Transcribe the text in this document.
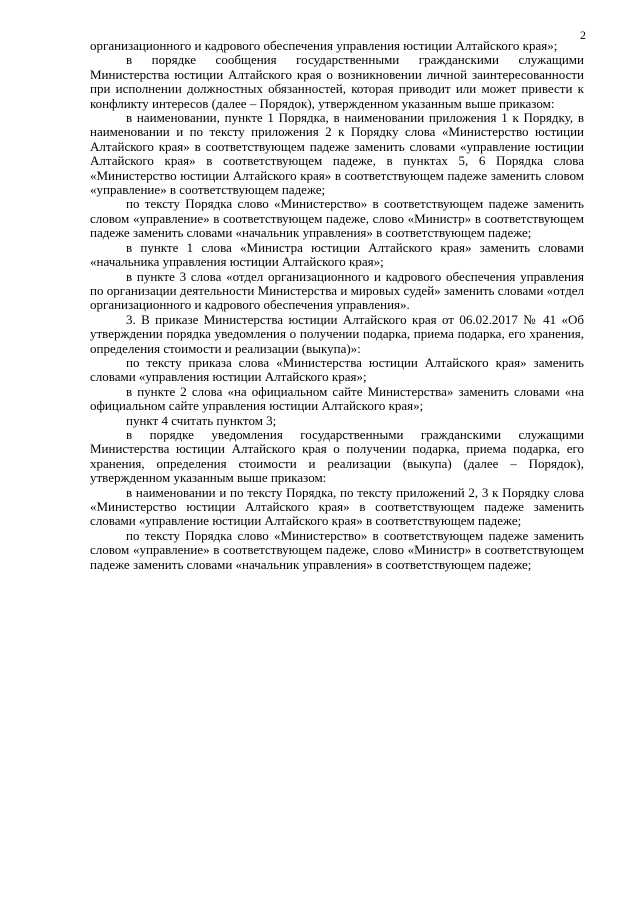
2

организационного и кадрового обеспечения управления юстиции Алтайского края»;

в порядке сообщения государственными гражданскими служащими Министерства юстиции Алтайского края о возникновении личной заинтересованности при исполнении должностных обязанностей, которая приводит или может привести к конфликту интересов (далее – Порядок), утвержденном указанным выше приказом:

в наименовании, пункте 1 Порядка, в наименовании приложения 1 к Порядку, в наименовании и по тексту приложения 2 к Порядку слова «Министерство юстиции Алтайского края» в соответствующем падеже заменить словами «управление юстиции Алтайского края» в соответствующем падеже, в пунктах 5, 6 Порядка слова «Министерство юстиции Алтайского края» в соответствующем падеже заменить словом «управление» в соответствующем падеже;

по тексту Порядка слово «Министерство» в соответствующем падеже заменить словом «управление» в соответствующем падеже, слово «Министр» в соответствующем падеже заменить словами «начальник управления» в соответствующем падеже;

в пункте 1 слова «Министра юстиции Алтайского края» заменить словами «начальника управления юстиции Алтайского края»;

в пункте 3 слова «отдел организационного и кадрового обеспечения управления по организации деятельности Министерства и мировых судей» заменить словами «отдел организационного и кадрового обеспечения управления».

3. В приказе Министерства юстиции Алтайского края от 06.02.2017 № 41 «Об утверждении порядка уведомления о получении подарка, приема подарка, его хранения, определения стоимости и реализации (выкупа)»:

по тексту приказа слова «Министерства юстиции Алтайского края» заменить словами «управления юстиции Алтайского края»;

в пункте 2 слова «на официальном сайте Министерства» заменить словами «на официальном сайте управления юстиции Алтайского края»;

пункт 4 считать пунктом 3;

в порядке уведомления государственными гражданскими служащими Министерства юстиции Алтайского края о получении подарка, приема подарка, его хранения, определения стоимости и реализации (выкупа) (далее – Порядок), утвержденном указанным выше приказом:

в наименовании и по тексту Порядка, по тексту приложений 2, 3 к Порядку слова «Министерство юстиции Алтайского края» в соответствующем падеже заменить словами «управление юстиции Алтайского края» в соответствующем падеже;

по тексту Порядка слово «Министерство» в соответствующем падеже заменить словом «управление» в соответствующем падеже, слово «Министр» в соответствующем падеже заменить словами «начальник управления» в соответствующем падеже;
